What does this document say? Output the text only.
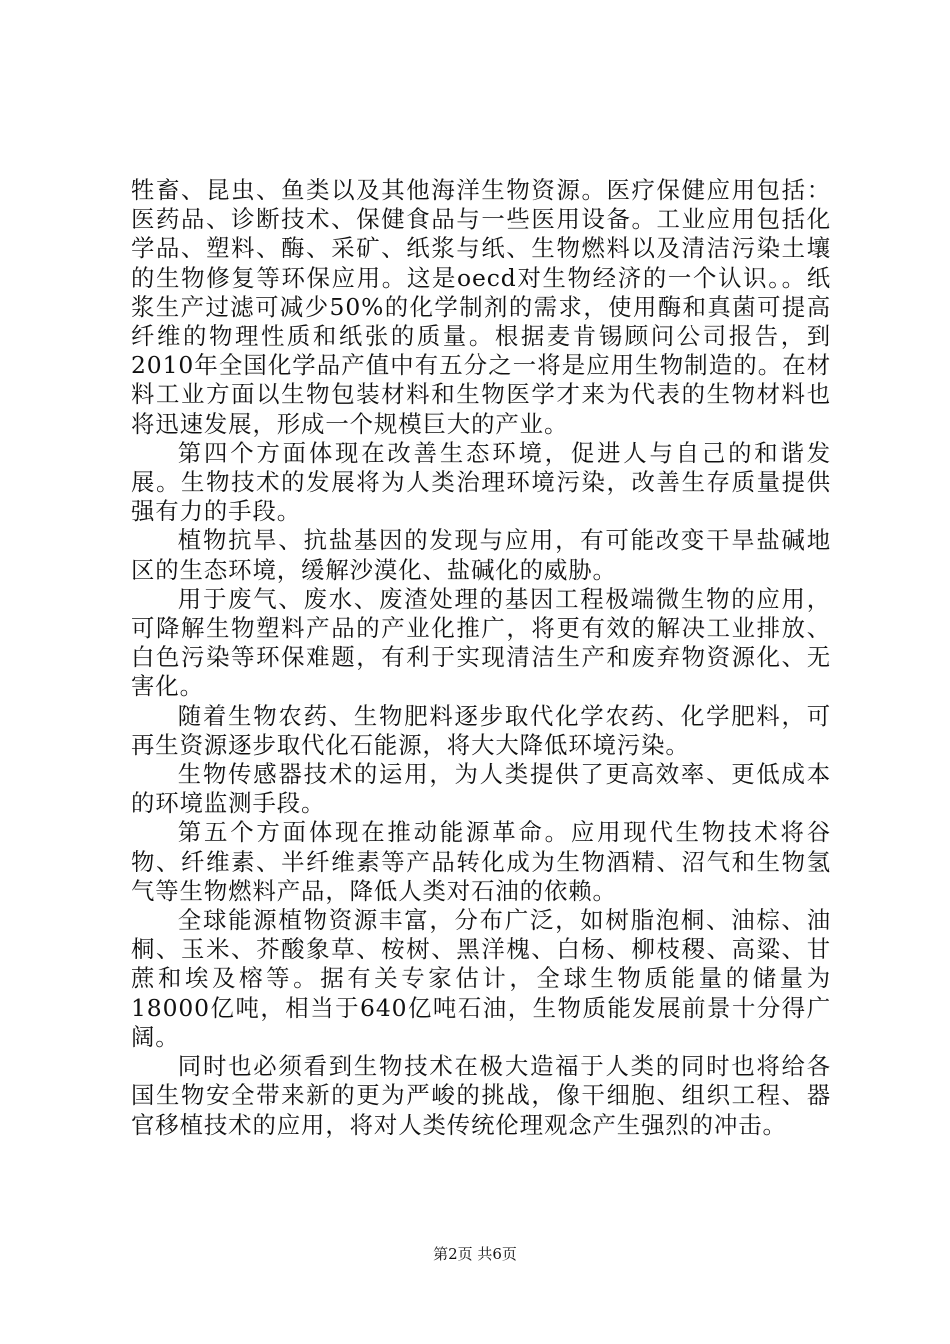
牲畜、昆虫、鱼类以及其他海洋生物资源。医疗保健应用包括：医药品、诊断技术、保健食品与一些医用设备。工业应用包括化学品、塑料、酶、采矿、纸浆与纸、生物燃料以及清洁污染土壤的生物修复等环保应用。这是oecd对生物经济的一个认识。。纸浆生产过滤可减少50%的化学制剂的需求，使用酶和真菌可提高纤维的物理性质和纸张的质量。根据麦肯锡顾问公司报告，到2010年全国化学品产值中有五分之一将是应用生物制造的。在材料工业方面以生物包装材料和生物医学才来为代表的生物材料也将迅速发展，形成一个规模巨大的产业。

第四个方面体现在改善生态环境，促进人与自己的和谐发展。生物技术的发展将为人类治理环境污染，改善生存质量提供强有力的手段。

植物抗旱、抗盐基因的发现与应用，有可能改变干旱盐碱地区的生态环境，缓解沙漠化、盐碱化的威胁。

用于废气、废水、废渣处理的基因工程极端微生物的应用，可降解生物塑料产品的产业化推广，将更有效的解决工业排放、白色污染等环保难题，有利于实现清洁生产和废弃物资源化、无害化。

随着生物农药、生物肥料逐步取代化学农药、化学肥料，可再生资源逐步取代化石能源，将大大降低环境污染。

生物传感器技术的运用，为人类提供了更高效率、更低成本的环境监测手段。

第五个方面体现在推动能源革命。应用现代生物技术将谷物、纤维素、半纤维素等产品转化成为生物酒精、沼气和生物氢气等生物燃料产品，降低人类对石油的依赖。

全球能源植物资源丰富，分布广泛，如树脂泡桐、油棕、油桐、玉米、芥酸象草、桉树、黑洋槐、白杨、柳枝稷、高粱、甘蔗和埃及榕等。据有关专家估计，全球生物质能量的储量为18000亿吨，相当于640亿吨石油，生物质能发展前景十分得广阔。

同时也必须看到生物技术在极大造福于人类的同时也将给各国生物安全带来新的更为严峻的挑战，像干细胞、组织工程、器官移植技术的应用，将对人类传统伦理观念产生强烈的冲击。

第2页 共6页
